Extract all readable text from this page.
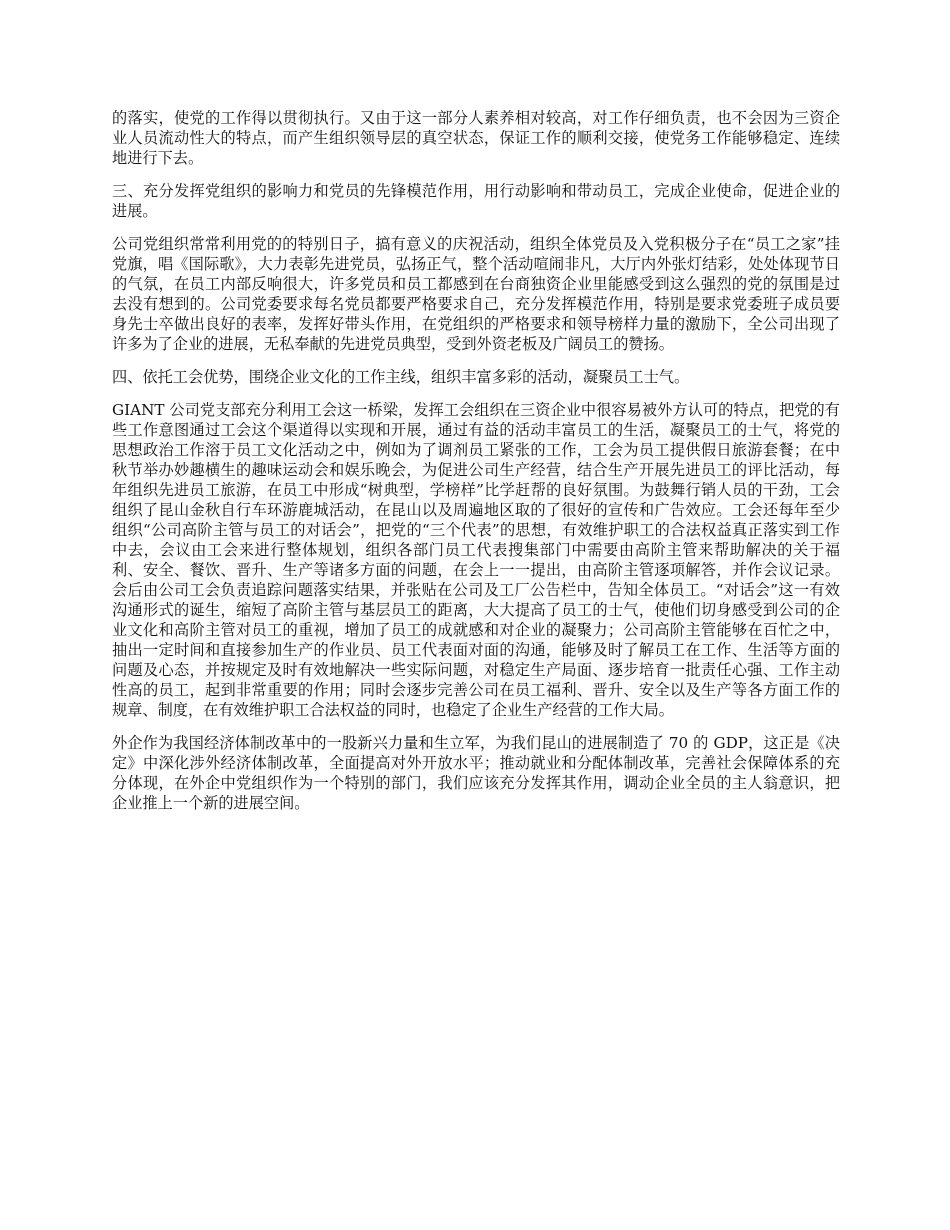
的落实，使党的工作得以贯彻执行。又由于这一部分人素养相对较高，对工作仔细负责，也不会因为三资企业人员流动性大的特点，而产生组织领导层的真空状态，保证工作的顺利交接，使党务工作能够稳定、连续地进行下去。

三、充分发挥党组织的影响力和党员的先锋模范作用，用行动影响和带动员工，完成企业使命，促进企业的进展。

公司党组织常常利用党的的特别日子，搞有意义的庆祝活动，组织全体党员及入党积极分子在“员工之家”挂党旗，唱《国际歌》，大力表彰先进党员，弘扬正气，整个活动喧闹非凡，大厅内外张灯结彩，处处体现节日的气氛，在员工内部反响很大，许多党员和员工都感到在台商独资企业里能感受到这么强烈的党的氛围是过去没有想到的。公司党委要求每名党员都要严格要求自己，充分发挥模范作用，特别是要求党委班子成员要身先士卒做出良好的表率，发挥好带头作用，在党组织的严格要求和领导榜样力量的激励下，全公司出现了许多为了企业的进展，无私奉献的先进党员典型，受到外资老板及广阔员工的赞扬。

四、依托工会优势，围绕企业文化的工作主线，组织丰富多彩的活动，凝聚员工士气。

GIANT 公司党支部充分利用工会这一桥梁，发挥工会组织在三资企业中很容易被外方认可的特点，把党的有些工作意图通过工会这个渠道得以实现和开展，通过有益的活动丰富员工的生活，凝聚员工的士气，将党的思想政治工作溶于员工文化活动之中，例如为了调剂员工紧张的工作，工会为员工提供假日旅游套餐；在中秋节举办妙趣横生的趣味运动会和娱乐晚会，为促进公司生产经营，结合生产开展先进员工的评比活动，每年组织先进员工旅游，在员工中形成“树典型，学榜样”比学赶帮的良好氛围。为鼓舞行销人员的干劲，工会组织了昆山金秋自行车环游鹿城活动，在昆山以及周遍地区取的了很好的宣传和广告效应。工会还每年至少组织“公司高阶主管与员工的对话会”，把党的“三个代表”的思想，有效维护职工的合法权益真正落实到工作中去，会议由工会来进行整体规划，组织各部门员工代表搜集部门中需要由高阶主管来帮助解决的关于福利、安全、餐饮、晋升、生产等诸多方面的问题，在会上一一提出，由高阶主管逐项解答，并作会议记录。会后由公司工会负责追踪问题落实结果，并张贴在公司及工厂公告栏中，告知全体员工。“对话会”这一有效沟通形式的诞生，缩短了高阶主管与基层员工的距离，大大提高了员工的士气，使他们切身感受到公司的企业文化和高阶主管对员工的重视，增加了员工的成就感和对企业的凝聚力；公司高阶主管能够在百忙之中，抽出一定时间和直接参加生产的作业员、员工代表面对面的沟通，能够及时了解员工在工作、生活等方面的问题及心态，并按规定及时有效地解决一些实际问题，对稳定生产局面、逐步培育一批责任心强、工作主动性高的员工，起到非常重要的作用；同时会逐步完善公司在员工福利、晋升、安全以及生产等各方面工作的规章、制度，在有效维护职工合法权益的同时，也稳定了企业生产经营的工作大局。

外企作为我国经济体制改革中的一股新兴力量和生立军，为我们昆山的进展制造了 70 的 GDP，这正是《决定》中深化涉外经济体制改革，全面提高对外开放水平；推动就业和分配体制改革，完善社会保障体系的充分体现，在外企中党组织作为一个特别的部门，我们应该充分发挥其作用，调动企业全员的主人翁意识，把企业推上一个新的进展空间。
